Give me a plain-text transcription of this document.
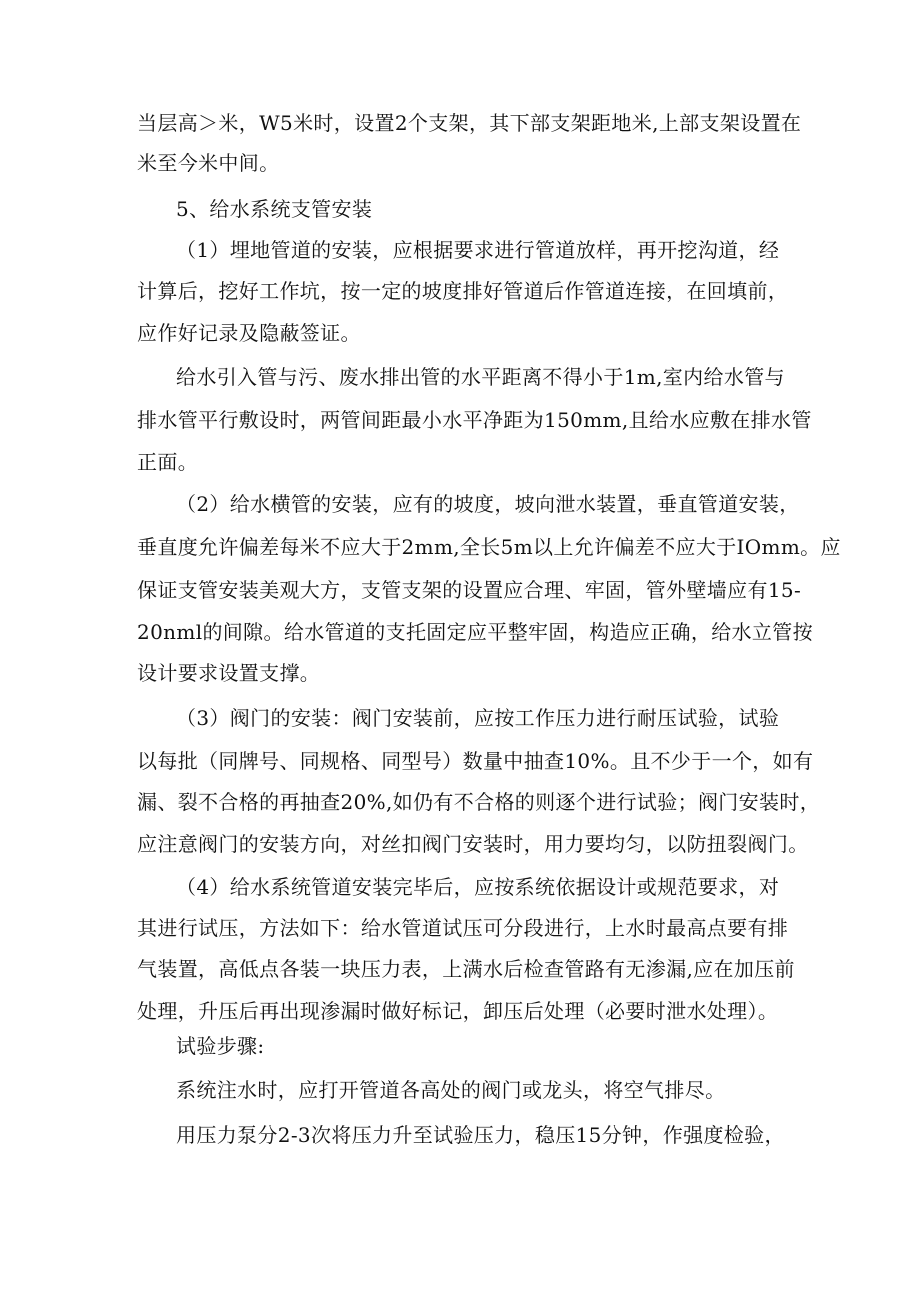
当层高＞米，W5米时，设置2个支架，其下部支架距地米,上部支架设置在
米至今米中间。
5、给水系统支管安装
（1）埋地管道的安装，应根据要求进行管道放样，再开挖沟道，经
计算后，挖好工作坑，按一定的坡度排好管道后作管道连接，在回填前，
应作好记录及隐蔽签证。
给水引入管与污、废水排出管的水平距离不得小于1m,室内给水管与
排水管平行敷设时，两管间距最小水平净距为150mm,且给水应敷在排水管
正面。
（2）给水横管的安装，应有的坡度，坡向泄水装置，垂直管道安装，
垂直度允许偏差每米不应大于2mm,全长5m以上允许偏差不应大于IOmm。应
保证支管安装美观大方，支管支架的设置应合理、牢固，管外壁墙应有15-
20nml的间隙。给水管道的支托固定应平整牢固，构造应正确，给水立管按
设计要求设置支撑。
（3）阀门的安装：阀门安装前，应按工作压力进行耐压试验，试验
以每批（同牌号、同规格、同型号）数量中抽查10%。且不少于一个，如有
漏、裂不合格的再抽查20%,如仍有不合格的则逐个进行试验；阀门安装时，
应注意阀门的安装方向，对丝扣阀门安装时，用力要均匀，以防扭裂阀门。
（4）给水系统管道安装完毕后，应按系统依据设计或规范要求，对
其进行试压，方法如下：给水管道试压可分段进行，上水时最高点要有排
气装置，高低点各装一块压力表，上满水后检查管路有无渗漏,应在加压前
处理，升压后再出现渗漏时做好标记，卸压后处理（必要时泄水处理）。
试验步骤:
系统注水时，应打开管道各高处的阀门或龙头，将空气排尽。
用压力泵分2-3次将压力升至试验压力，稳压15分钟，作强度检验，
